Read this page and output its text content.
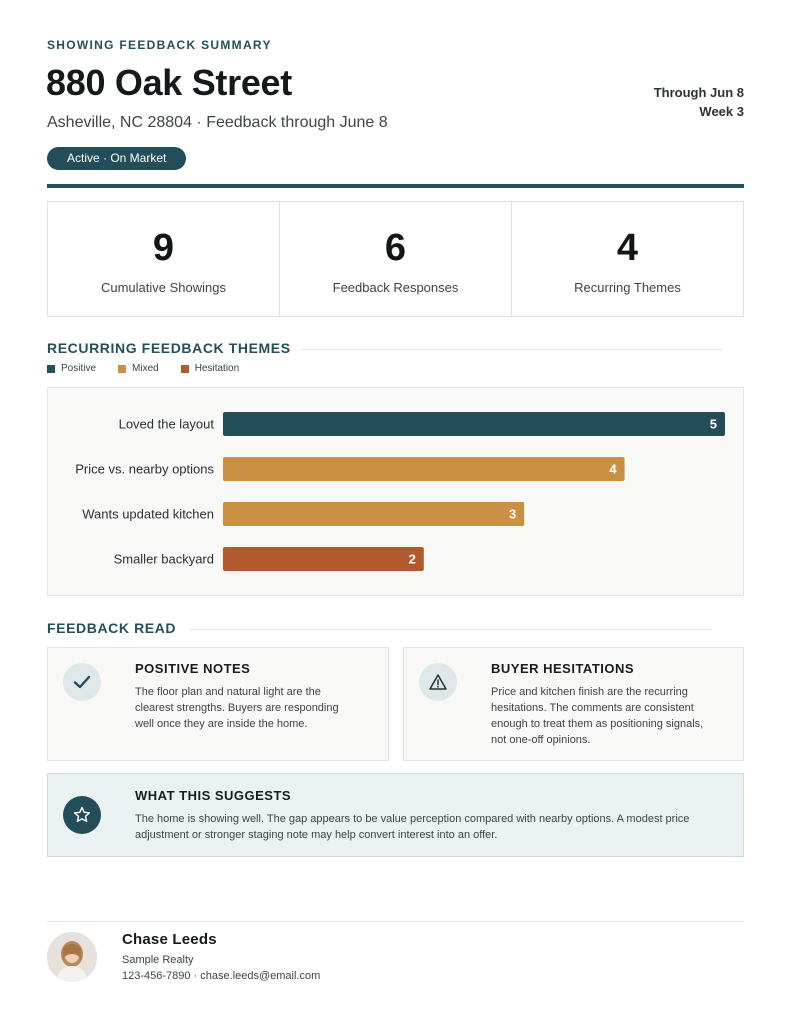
SHOWING FEEDBACK SUMMARY
880 Oak Street
Asheville, NC 28804 · Feedback through June 8
Active · On Market
Through Jun 8
Week 3
9
Cumulative Showings
6
Feedback Responses
4
Recurring Themes
RECURRING FEEDBACK THEMES
Positive	Mixed	Hesitation
Loved the layout	5
Price vs. nearby options	4
Wants updated kitchen	3
Smaller backyard	2
FEEDBACK READ
POSITIVE NOTES
The floor plan and natural light are the
clearest strengths. Buyers are responding
well once they are inside the home.
BUYER HESITATIONS
Price and kitchen finish are the recurring
hesitations. The comments are consistent
enough to treat them as positioning signals,
not one-off opinions.
WHAT THIS SUGGESTS
The home is showing well. The gap appears to be value perception compared with nearby options. A modest price
adjustment or stronger staging note may help convert interest into an offer.
Chase Leeds
Sample Realty
123-456-7890 · chase.leeds@email.com
